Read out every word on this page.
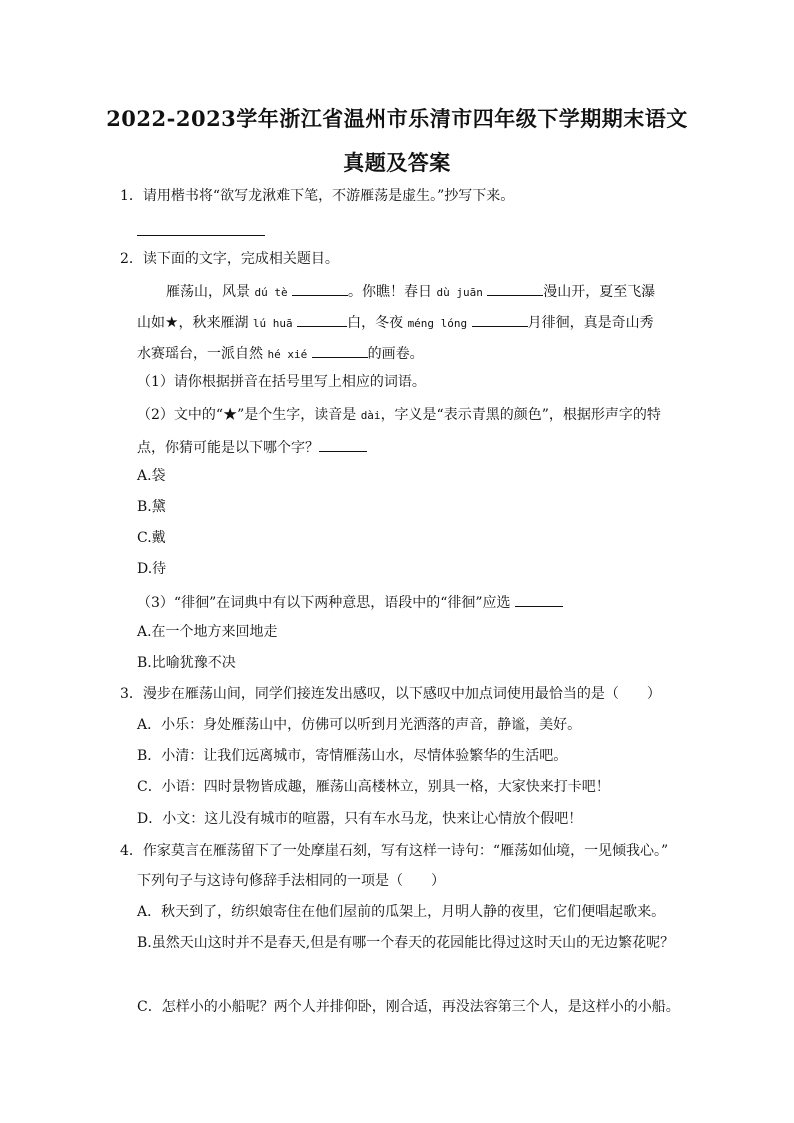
2022-2023学年浙江省温州市乐清市四年级下学期期末语文
真题及答案
1．请用楷书将“欲写龙湫难下笔，不游雁荡是虚生。”抄写下来。
2．读下面的文字，完成相关题目。
雁荡山，风景 dú tè	。你瞧！春日 dù juān	漫山开，夏至飞瀑
山如★，秋来雁湖 lú huā	白，冬夜 méng lóng	月徘徊，真是奇山秀
水赛瑶台，一派自然 hé xié	的画卷。
（1）请你根据拼音在括号里写上相应的词语。
（2）文中的“★”是个生字，读音是 dài，字义是“表示青黑的颜色”，根据形声字的特
点，你猜可能是以下哪个字？
A.袋
B.黛
C.戴
D.待
（3）“徘徊”在词典中有以下两种意思，语段中的“徘徊”应选
A.在一个地方来回地走
B.比喻犹豫不决
3．漫步在雁荡山间，同学们接连发出感叹，以下感叹中加点词使用最恰当的是（　　）
A．小乐：身处雁荡山中，仿佛可以听到月光洒落的声音，静谧，美好。
B．小清：让我们远离城市，寄情雁荡山水，尽情体验繁华的生活吧。
C．小语：四时景物皆成趣，雁荡山高楼林立，别具一格，大家快来打卡吧！
D．小文：这儿没有城市的喧嚣，只有车水马龙，快来让心情放个假吧！
4．作家莫言在雁荡留下了一处摩崖石刻，写有这样一诗句：“雁荡如仙境，一见倾我心。”
下列句子与这诗句修辞手法相同的一项是（　　）
A．秋天到了，纺织娘寄住在他们屋前的瓜架上，月明人静的夜里，它们便唱起歌来。
B.虽然天山这时并不是春天,但是有哪一个春天的花园能比得过这时天山的无边繁花呢？
C．怎样小的小船呢？两个人并排仰卧，刚合适，再没法容第三个人，是这样小的小船。
